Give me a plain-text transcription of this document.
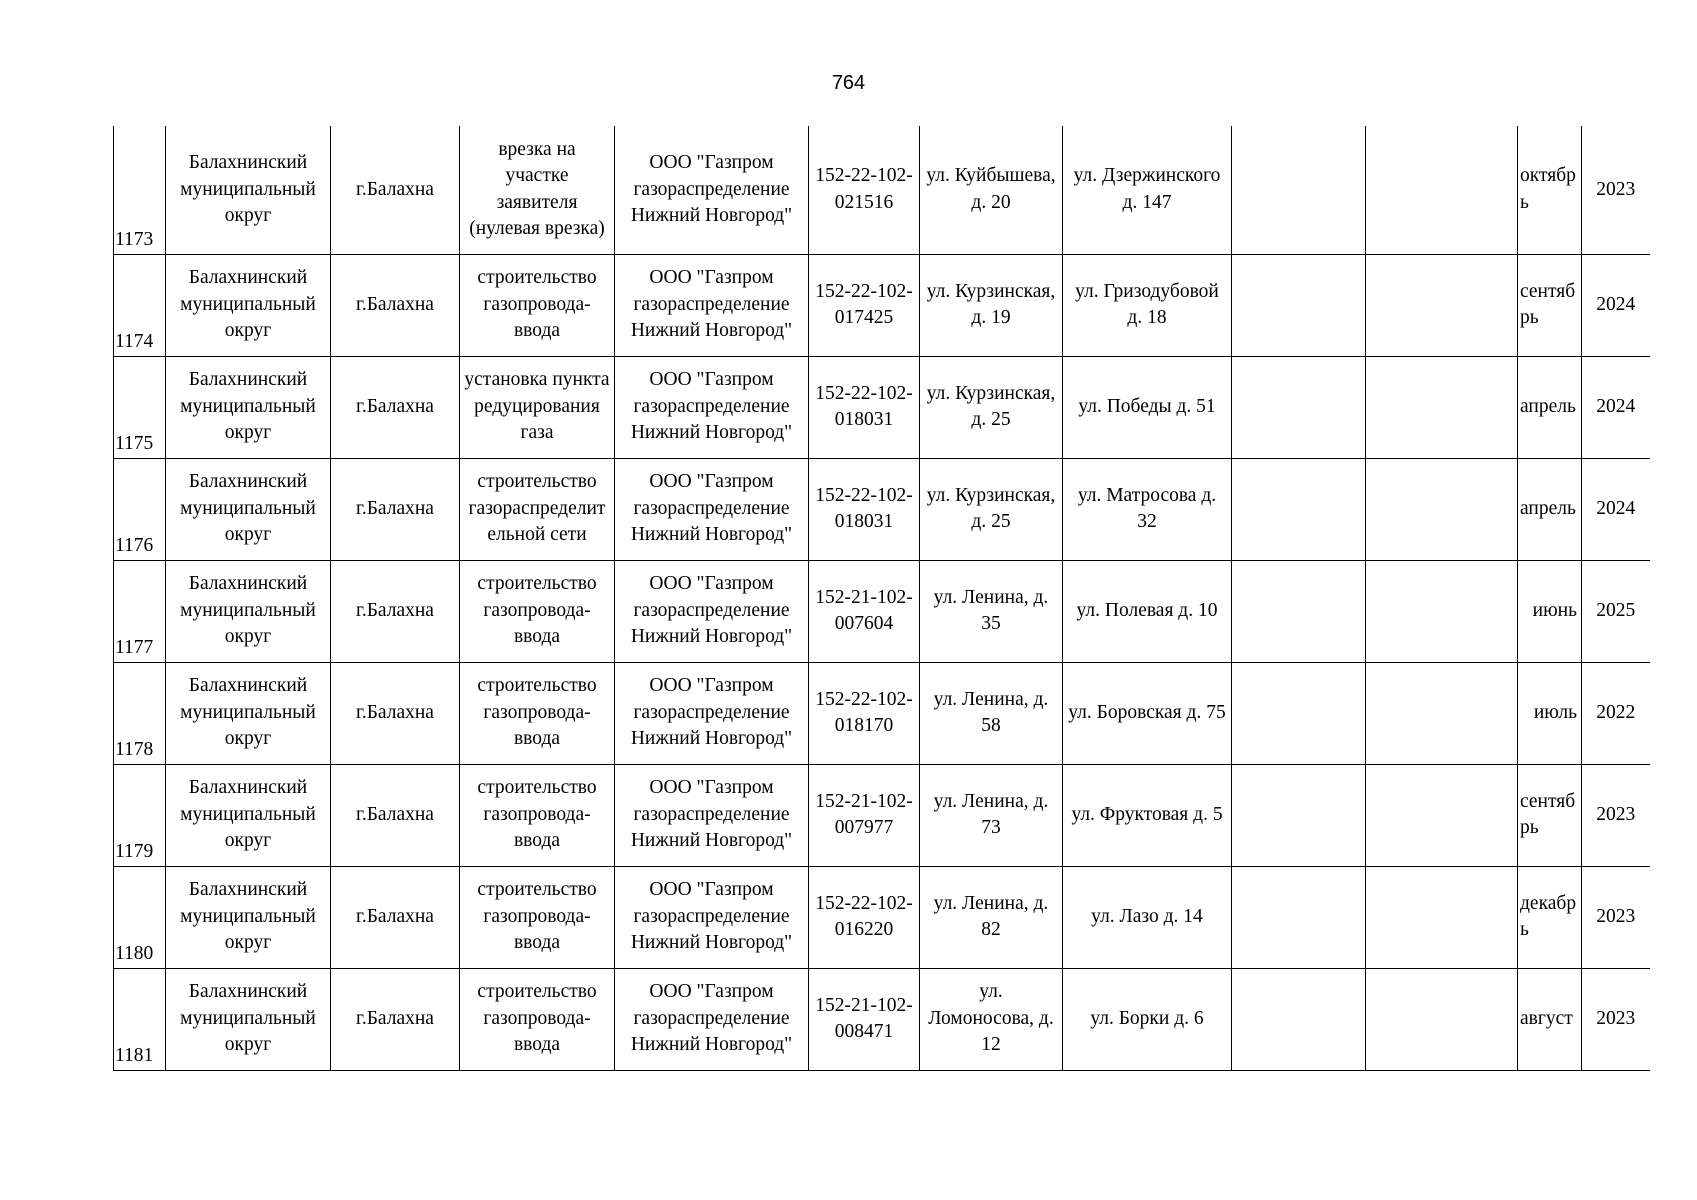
764
1173	Балахнинский
муниципальный
округ	г.Балахна	врезка на
участке
заявителя
(нулевая врезка)	ООО "Газпром
газораспределение
Нижний Новгород"	152-22-102-
021516	ул. Куйбышева,
д. 20	ул. Дзержинского
д. 147			октябр
ь	2023
1174	Балахнинский
муниципальный
округ	г.Балахна	строительство
газопровода-
ввода	ООО "Газпром
газораспределение
Нижний Новгород"	152-22-102-
017425	ул. Курзинская,
д. 19	ул. Гризодубовой
д. 18			сентяб
рь	2024
1175	Балахнинский
муниципальный
округ	г.Балахна	установка пункта
редуцирования
газа	ООО "Газпром
газораспределение
Нижний Новгород"	152-22-102-
018031	ул. Курзинская,
д. 25	ул. Победы д. 51			апрель	2024
1176	Балахнинский
муниципальный
округ	г.Балахна	строительство
газораспределит
ельной сети	ООО "Газпром
газораспределение
Нижний Новгород"	152-22-102-
018031	ул. Курзинская,
д. 25	ул. Матросова д.
32			апрель	2024
1177	Балахнинский
муниципальный
округ	г.Балахна	строительство
газопровода-
ввода	ООО "Газпром
газораспределение
Нижний Новгород"	152-21-102-
007604	ул. Ленина, д.
35	ул. Полевая д. 10			июнь	2025
1178	Балахнинский
муниципальный
округ	г.Балахна	строительство
газопровода-
ввода	ООО "Газпром
газораспределение
Нижний Новгород"	152-22-102-
018170	ул. Ленина, д.
58	ул. Боровская д. 75			июль	2022
1179	Балахнинский
муниципальный
округ	г.Балахна	строительство
газопровода-
ввода	ООО "Газпром
газораспределение
Нижний Новгород"	152-21-102-
007977	ул. Ленина, д.
73	ул. Фруктовая д. 5			сентяб
рь	2023
1180	Балахнинский
муниципальный
округ	г.Балахна	строительство
газопровода-
ввода	ООО "Газпром
газораспределение
Нижний Новгород"	152-22-102-
016220	ул. Ленина, д.
82	ул. Лазо д. 14			декабр
ь	2023
1181	Балахнинский
муниципальный
округ	г.Балахна	строительство
газопровода-
ввода	ООО "Газпром
газораспределение
Нижний Новгород"	152-21-102-
008471	ул.
Ломоносова, д.
12	ул. Борки д. 6			август	2023
